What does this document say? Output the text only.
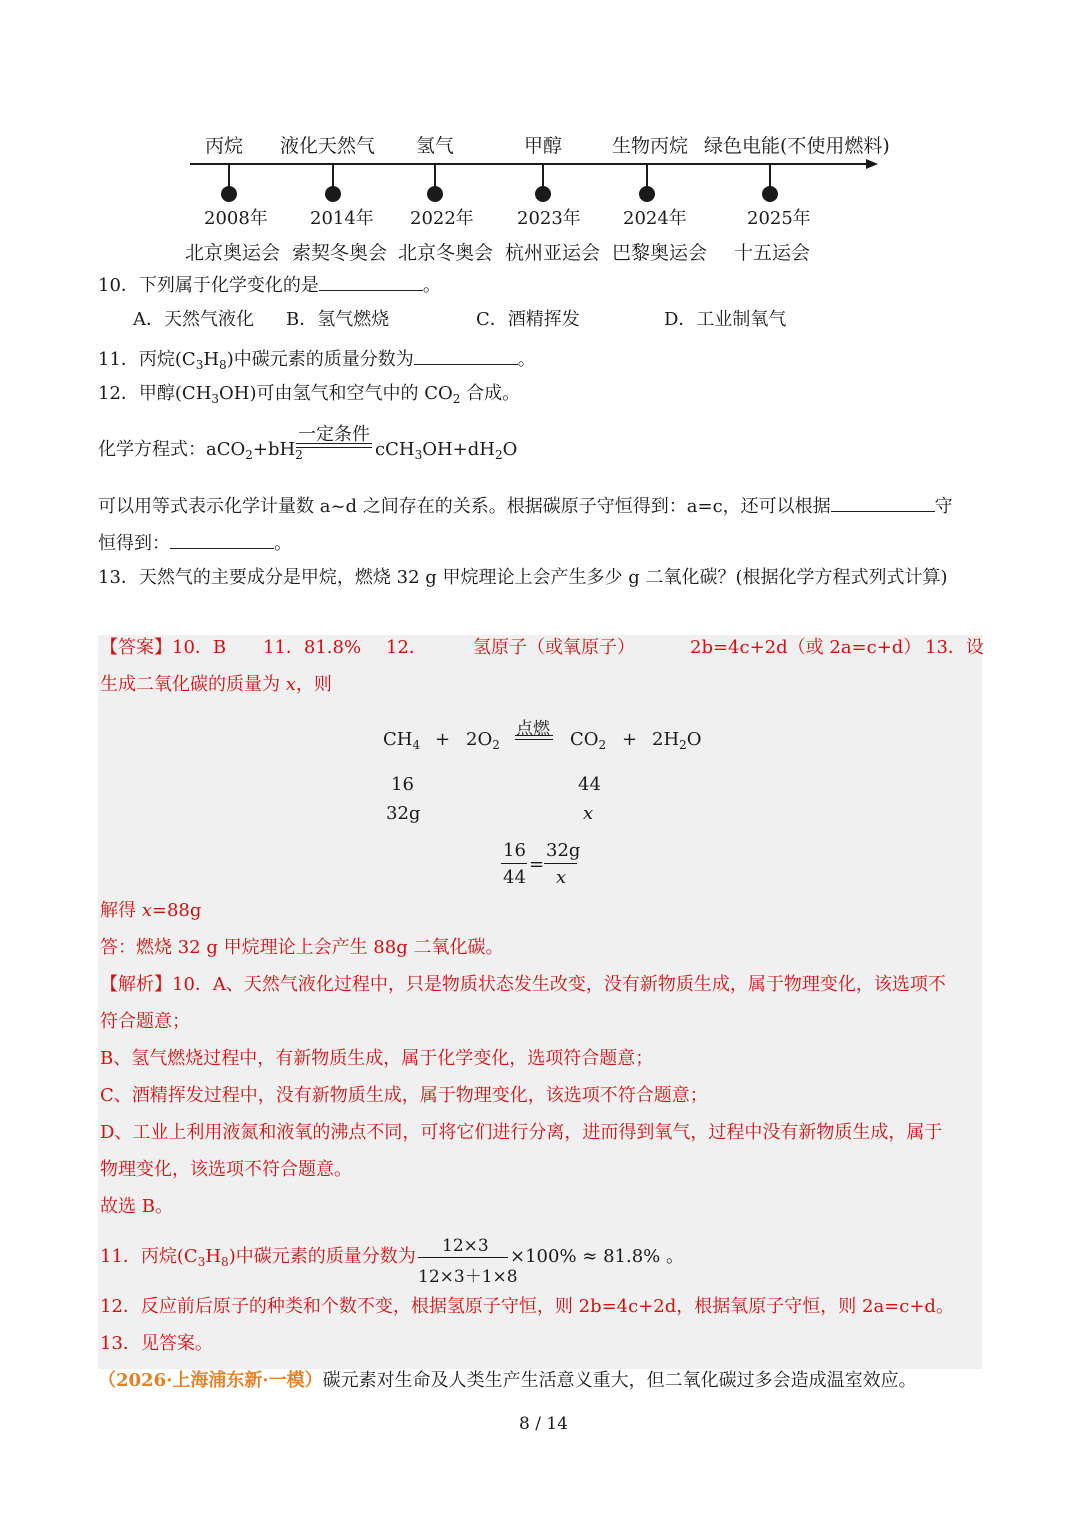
丙烷 液化天然气 氢气	甲醇	生物丙烷 绿色电能(不使用燃料)
2008年 2014年 2022年 2023年 2024年	2025年
北京奥运会 索契冬奥会 北京冬奥会 杭州亚运会 巴黎奥运会 十五运会
10．下列属于化学变化的是	。
A．天然气液化 B．氢气燃烧	C．酒精挥发	D．工业制氧气
11．丙烷$(C_3H_8)$中碳元素的质量分数为	。
12．甲醇$(CH_3OH)$可由氢气和空气中的 $CO_2$ 合成。
化学方程式：$aCO_2+bH_2$
一定条件
$cCH_3OH+dH_2O$
可以用等式表示化学计量数 a~d 之间存在的关系。根据碳原子守恒得到：a=c，还可以根据	守
恒得到：	。
13．天然气的主要成分是甲烷，燃烧 32 g 甲烷理论上会产生多少 g 二氧化碳？(根据化学方程式列式计算)
【答案】10．B 11．81.8% 12．	氢原子（或氧原子）	2b=4c+2d（或 2a=c+d） 13．设
生成二氧化碳的质量为 x，则
$CH_4 + 2O_2$
点燃 $CO_2 + 2H_2O$
16	44
32g	x
16
44
=
32g
x
解得 x=88g
答：燃烧 32 g 甲烷理论上会产生 88g 二氧化碳。
【解析】10．A、天然气液化过程中，只是物质状态发生改变，没有新物质生成，属于物理变化，该选项不
符合题意；
B、氢气燃烧过程中，有新物质生成，属于化学变化，选项符合题意；
C、酒精挥发过程中，没有新物质生成，属于物理变化，该选项不符合题意；
D、工业上利用液氮和液氧的沸点不同，可将它们进行分离，进而得到氧气，过程中没有新物质生成，属于
物理变化，该选项不符合题意。
故选 B。
11．丙烷$(C_3H_8)$中碳元素的质量分数为 12×3
12×3＋1×8
×100% ≈ 81.8% 。
12．反应前后原子的种类和个数不变，根据氢原子守恒，则 2b=4c+2d，根据氧原子守恒，则 2a=c+d。
13．见答案。
（2026·上海浦东新·一模）碳元素对生命及人类生产生活意义重大，但二氧化碳过多会造成温室效应。
8 / 14
